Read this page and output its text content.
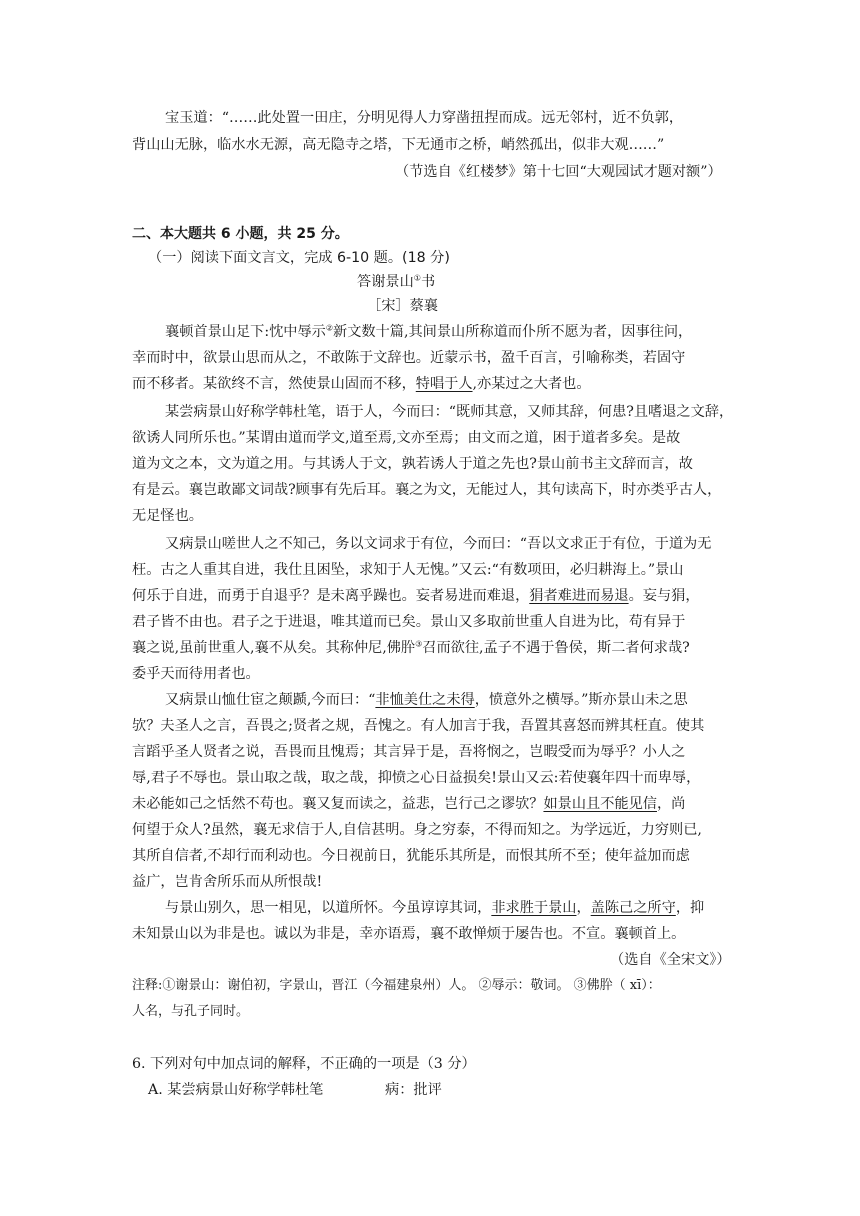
宝玉道：“……此处置一田庄，分明见得人力穿凿扭捏而成。远无邻村，近不负郭，
背山山无脉，临水水无源，高无隐寺之塔，下无通市之桥，峭然孤出，似非大观……”
（节选自《红楼梦》第十七回“大观园试才题对额”）
二、本大题共 6 小题，共 25 分。
（一）阅读下面文言文，完成 6-10 题。(18 分)
答谢景山①书
［宋］蔡襄
襄顿首景山足下:忱中辱示②新文数十篇,其间景山所称道而仆所不愿为者，因事往问，
幸而时中，欲景山思而从之，不敢陈于文辞也。近蒙示书，盈千百言，引喻称类，若固守
而不移者。某欲终不言，然使景山固而不移，特唱于人,亦某过之大者也。
某尝病景山好称学韩杜笔，语于人，今而曰：“既师其意，又师其辞，何患?且嗜退之文辞，
欲诱人同所乐也。”某谓由道而学文,道至焉,文亦至焉；由文而之道，困于道者多矣。是故
道为文之本，文为道之用。与其诱人于文，孰若诱人于道之先也?景山前书主文辞而言，故
有是云。襄岂敢鄙文词哉?顾事有先后耳。襄之为文，无能过人，其句读高下，时亦类乎古人，
无足怪也。
又病景山嗟世人之不知己，务以文词求于有位，今而曰：“吾以文求正于有位，于道为无
枉。古之人重其自进，我仕且困坠，求知于人无愧。”又云:“有数项田，必归耕海上。”景山
何乐于自进，而勇于自退乎？是未离乎躁也。妄者易进而难退，狷者难进而易退。妄与狷，
君子皆不由也。君子之于进退，唯其道而已矣。景山又多取前世重人自进为比，苟有异于
襄之说,虽前世重人,襄不从矣。其称仲尼,佛肸③召而欲往,孟子不遇于鲁侯，斯二者何求哉?
委乎天而待用者也。
又病景山恤仕宦之颠踬,今而曰：“非恤美仕之未得，愤意外之横辱。”斯亦景山未之思
欤？夫圣人之言，吾畏之;贤者之规，吾愧之。有人加言于我，吾置其喜怒而辨其枉直。使其
言蹈乎圣人贤者之说，吾畏而且愧焉；其言异于是，吾将悯之，岂暇受而为辱乎？小人之
辱,君子不辱也。景山取之哉，取之哉，抑愤之心日益损矣!景山又云:若使襄年四十而卑辱，
未必能如己之恬然不苟也。襄又复而读之，益悲，岂行己之谬欤？如景山且不能见信，尚
何望于众人?虽然，襄无求信于人,自信甚明。身之穷泰，不得而知之。为学远近，力穷则已,
其所自信者,不却行而利动也。今日视前日，犹能乐其所是，而恨其所不至；使年益加而虑
益广，岂肯舍所乐而从所恨哉!
与景山别久，思一相见，以道所怀。今虽谆谆其词，非求胜于景山，盖陈己之所守，抑
未知景山以为非是也。诚以为非是，幸亦语焉，襄不敢惮烦于屡告也。不宣。襄顿首上。
（选自《全宋文》）
注释:①谢景山：谢伯初，字景山，晋江（今福建泉州）人。 ②辱示：敬词。 ③佛肸（ xī）：
人名，与孔子同时。
6. 下列对句中加点词的解释，不正确的一项是（3 分）
A. 某尝病景山好称学韩杜笔	病：批评
